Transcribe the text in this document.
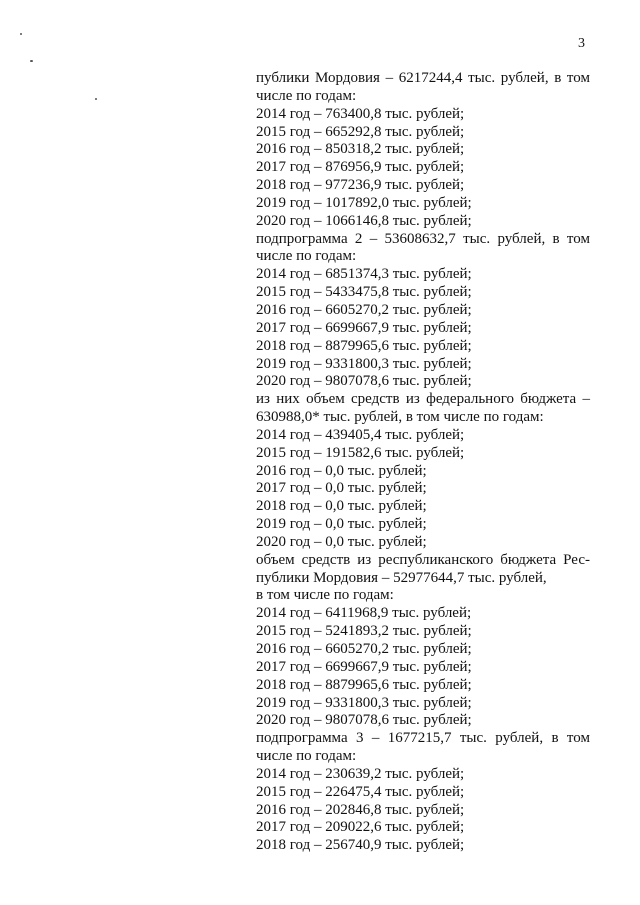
3
публики Мордовия – 6217244,4 тыс. рублей, в том
числе по годам:
2014 год – 763400,8 тыс. рублей;
2015 год – 665292,8 тыс. рублей;
2016 год – 850318,2 тыс. рублей;
2017 год – 876956,9 тыс. рублей;
2018 год – 977236,9 тыс. рублей;
2019 год – 1017892,0 тыс. рублей;
2020 год – 1066146,8 тыс. рублей;
подпрограмма 2 – 53608632,7 тыс. рублей, в том
числе по годам:
2014 год – 6851374,3 тыс. рублей;
2015 год – 5433475,8 тыс. рублей;
2016 год – 6605270,2 тыс. рублей;
2017 год – 6699667,9 тыс. рублей;
2018 год – 8879965,6 тыс. рублей;
2019 год – 9331800,3 тыс. рублей;
2020 год – 9807078,6 тыс. рублей;
из них объем средств из федерального бюджета –
630988,0* тыс. рублей, в том числе по годам:
2014 год – 439405,4 тыс. рублей;
2015 год – 191582,6 тыс. рублей;
2016 год – 0,0 тыс. рублей;
2017 год – 0,0 тыс. рублей;
2018 год – 0,0 тыс. рублей;
2019 год – 0,0 тыс. рублей;
2020 год – 0,0 тыс. рублей;
объем средств из республиканского бюджета Рес-
публики Мордовия – 52977644,7 тыс. рублей,
в том числе по годам:
2014 год – 6411968,9 тыс. рублей;
2015 год – 5241893,2 тыс. рублей;
2016 год – 6605270,2 тыс. рублей;
2017 год – 6699667,9 тыс. рублей;
2018 год – 8879965,6 тыс. рублей;
2019 год – 9331800,3 тыс. рублей;
2020 год – 9807078,6 тыс. рублей;
подпрограмма 3 – 1677215,7 тыс. рублей, в том
числе по годам:
2014 год – 230639,2 тыс. рублей;
2015 год – 226475,4 тыс. рублей;
2016 год – 202846,8 тыс. рублей;
2017 год – 209022,6 тыс. рублей;
2018 год – 256740,9 тыс. рублей;
